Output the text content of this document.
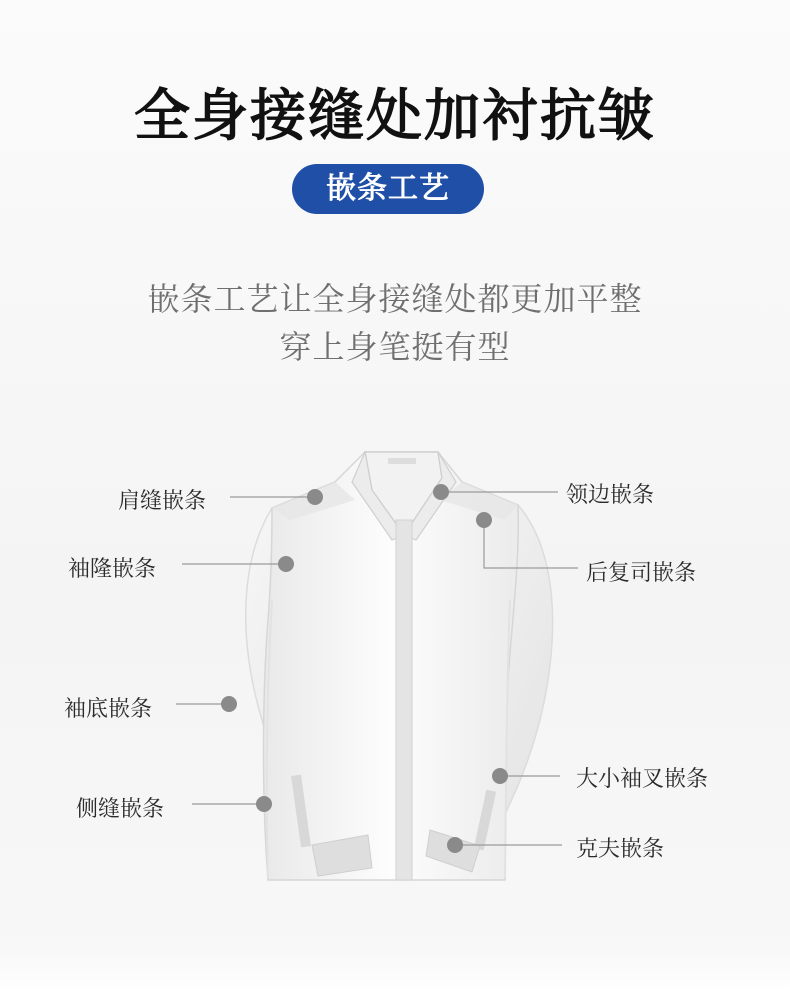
全身接缝处加衬抗皱
嵌条工艺
嵌条工艺让全身接缝处都更加平整
穿上身笔挺有型
肩缝嵌条
袖隆嵌条
袖底嵌条
侧缝嵌条
领边嵌条
后复司嵌条
大小袖叉嵌条
克夫嵌条
